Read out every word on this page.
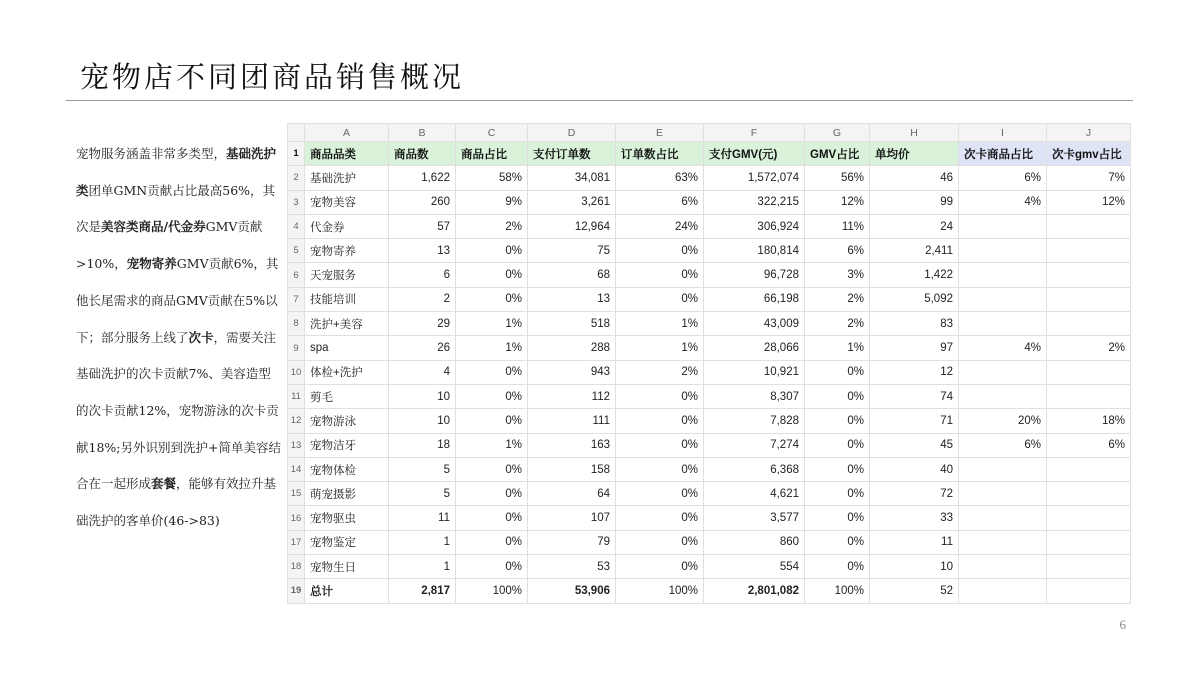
宠物店不同团商品销售概况
宠物服务涵盖非常多类型，基础洗护类团单GMN贡献占比最高56%，其次是美容类商品/代金券GMV贡献>10%，宠物寄养GMV贡献6%，其他长尾需求的商品GMV贡献在5%以下；部分服务上线了次卡，需要关注基础洗护的次卡贡献7%、美容造型的次卡贡献12%，宠物游泳的次卡贡献18%;另外识别到洗护+简单美容结合在一起形成套餐，能够有效拉升基础洗护的客单价(46->83)
	A	B	C	D	E	F	G	H	I	J
1	商品品类	商品数	商品占比	支付订单数	订单数占比	支付GMV(元)	GMV占比	单均价	次卡商品占比	次卡gmv占比
2	基础洗护	1,622	58%	34,081	63%	1,572,074	56%	46	6%	7%
3	宠物美容	260	9%	3,261	6%	322,215	12%	99	4%	12%
4	代金券	57	2%	12,964	24%	306,924	11%	24		
5	宠物寄养	13	0%	75	0%	180,814	6%	2,411		
6	天宠服务	6	0%	68	0%	96,728	3%	1,422		
7	技能培训	2	0%	13	0%	66,198	2%	5,092		
8	洗护+美容	29	1%	518	1%	43,009	2%	83		
9	spa	26	1%	288	1%	28,066	1%	97	4%	2%
10	体检+洗护	4	0%	943	2%	10,921	0%	12		
11	剪毛	10	0%	112	0%	8,307	0%	74		
12	宠物游泳	10	0%	111	0%	7,828	0%	71	20%	18%
13	宠物洁牙	18	1%	163	0%	7,274	0%	45	6%	6%
14	宠物体检	5	0%	158	0%	6,368	0%	40		
15	萌宠摄影	5	0%	64	0%	4,621	0%	72		
16	宠物驱虫	11	0%	107	0%	3,577	0%	33		
17	宠物鉴定	1	0%	79	0%	860	0%	11		
18	宠物生日	1	0%	53	0%	554	0%	10		
19	总计	2,817	100%	53,906	100%	2,801,082	100%	52		
6
